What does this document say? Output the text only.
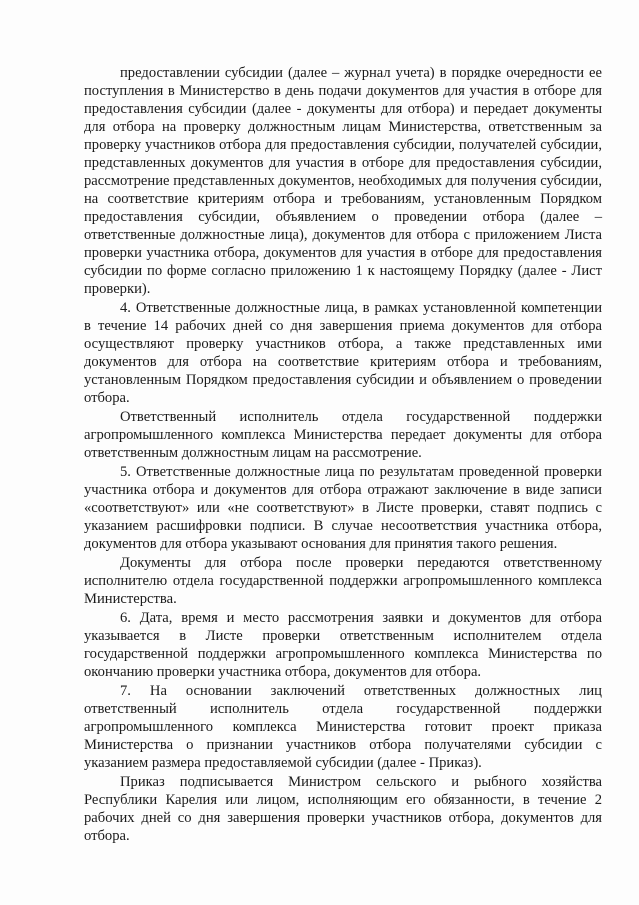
предоставлении субсидии (далее – журнал учета) в порядке очередности ее поступления в Министерство в день подачи документов для участия в отборе для предоставления субсидии (далее - документы для отбора) и передает документы для отбора на проверку должностным лицам Министерства, ответственным за проверку участников отбора для предоставления субсидии, получателей субсидии, представленных документов для участия в отборе для предоставления субсидии, рассмотрение представленных документов, необходимых для получения субсидии, на соответствие критериям отбора и требованиям, установленным Порядком предоставления субсидии, объявлением о проведении отбора (далее – ответственные должностные лица), документов для отбора с приложением Листа проверки участника отбора, документов для участия в отборе для предоставления субсидии по форме согласно приложению 1 к настоящему Порядку (далее - Лист проверки).

4. Ответственные должностные лица, в рамках установленной компетенции в течение 14 рабочих дней со дня завершения приема документов для отбора осуществляют проверку участников отбора, а также представленных ими документов для отбора на соответствие критериям отбора и требованиям, установленным Порядком предоставления субсидии и объявлением о проведении отбора.

Ответственный исполнитель отдела государственной поддержки агропромышленного комплекса Министерства передает документы для отбора ответственным должностным лицам на рассмотрение.

5. Ответственные должностные лица по результатам проведенной проверки участника отбора и документов для отбора отражают заключение в виде записи «соответствуют» или «не соответствуют» в Листе проверки, ставят подпись с указанием расшифровки подписи. В случае несоответствия участника отбора, документов для отбора указывают основания для принятия такого решения.

Документы для отбора после проверки передаются ответственному исполнителю отдела государственной поддержки агропромышленного комплекса Министерства.

6. Дата, время и место рассмотрения заявки и документов для отбора указывается в Листе проверки ответственным исполнителем отдела государственной поддержки агропромышленного комплекса Министерства по окончанию проверки участника отбора, документов для отбора.

7. На основании заключений ответственных должностных лиц ответственный исполнитель отдела государственной поддержки агропромышленного комплекса Министерства готовит проект приказа Министерства о признании участников отбора получателями субсидии с указанием размера предоставляемой субсидии (далее - Приказ).

Приказ подписывается Министром сельского и рыбного хозяйства Республики Карелия или лицом, исполняющим его обязанности, в течение 2 рабочих дней со дня завершения проверки участников отбора, документов для отбора.
